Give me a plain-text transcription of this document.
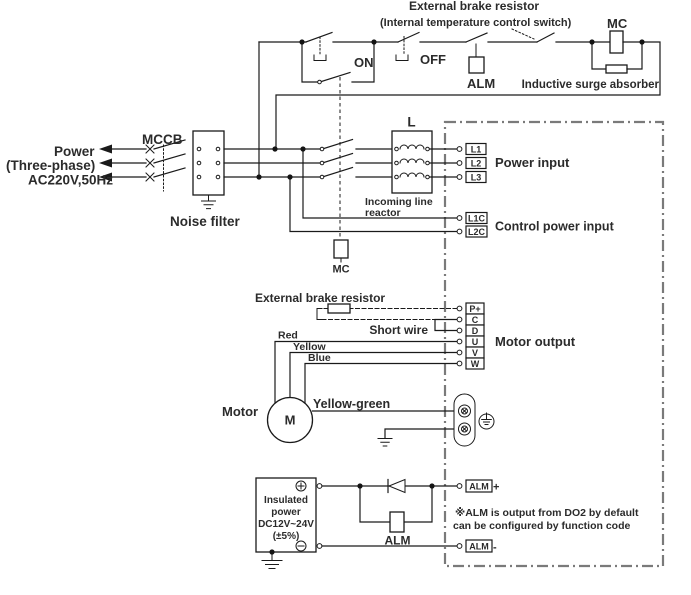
L1
L2
L3
L1C
L2C
P+
C
D
U
V
W
ALM +
ALM -
External brake resistor
(Internal temperature control switch)	MC
ON	OFF
ALM Inductive surge absorber
Power
(Three-phase)
AC220V,50Hz
MCCB
Noise filter
L
Incoming line
reactor
MC
Power input
Control power input
Motor output
External brake resistor
Short wire
Red
Yellow
Blue
Motor
M
Yellow-green
Insulated
power
DC12V~24V
(±5%)	ALM
※ALM is output from DO2 by default
can be configured by function code
